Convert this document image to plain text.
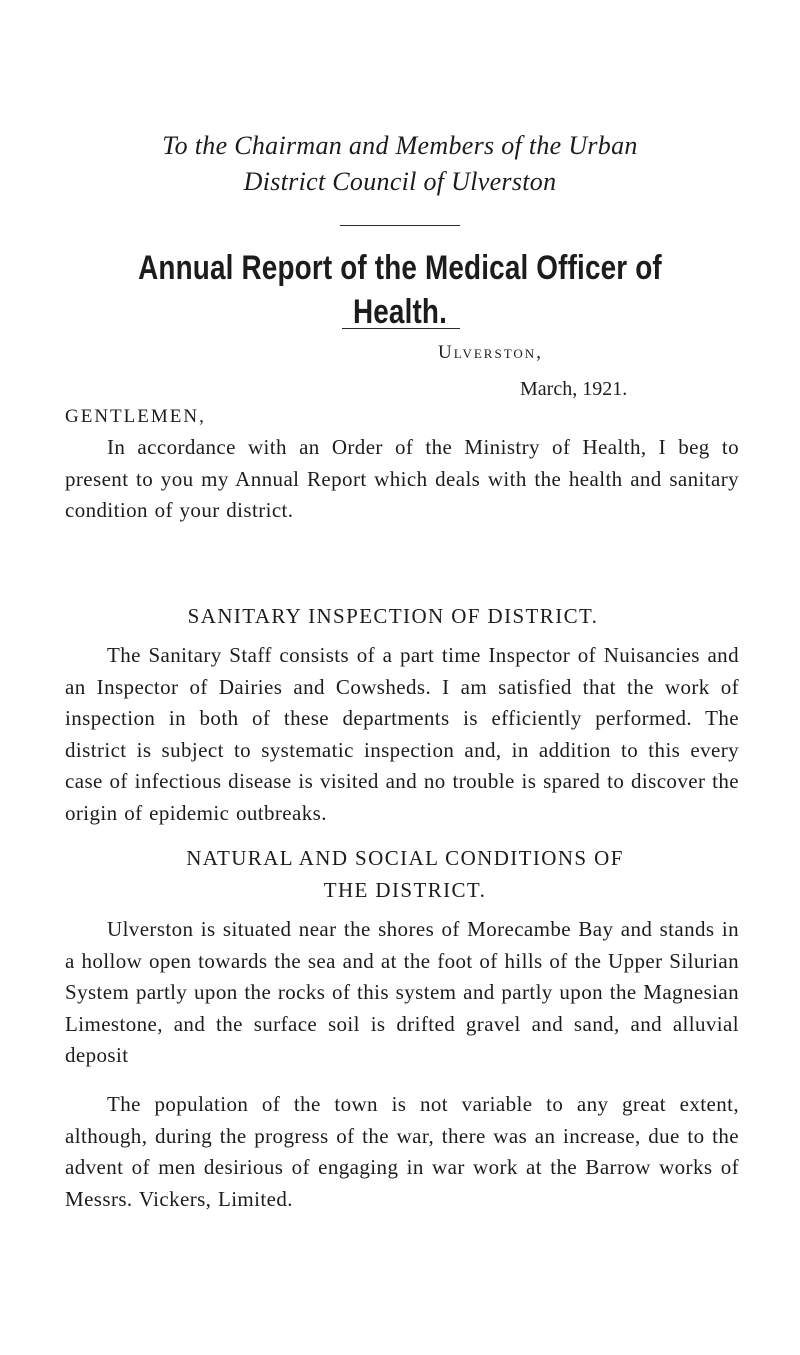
To the Chairman and Members of the Urban
District Council of Ulverston
Annual Report of the Medical Officer of Health.
Ulverston,
March, 1921.
GENTLEMEN,

In accordance with an Order of the Ministry of Health, I beg to present to you my Annual Report which deals with the health and sanitary condition of your district.

SANITARY INSPECTION OF DISTRICT.

The Sanitary Staff consists of a part time Inspector of Nuisancies and an Inspector of Dairies and Cowsheds. I am satisfied that the work of inspection in both of these departments is efficiently performed. The district is subject to systematic inspection and, in addition to this every case of infectious disease is visited and no trouble is spared to discover the origin of epidemic outbreaks.

NATURAL AND SOCIAL CONDITIONS OF
THE DISTRICT.

Ulverston is situated near the shores of Morecambe Bay and stands in a hollow open towards the sea and at the foot of hills of the Upper Silurian System partly upon the rocks of this system and partly upon the Magnesian Limestone, and the surface soil is drifted gravel and sand, and alluvial deposit

The population of the town is not variable to any great extent, although, during the progress of the war, there was an increase, due to the advent of men desirious of engaging in war work at the Barrow works of Messrs. Vickers, Limited.
